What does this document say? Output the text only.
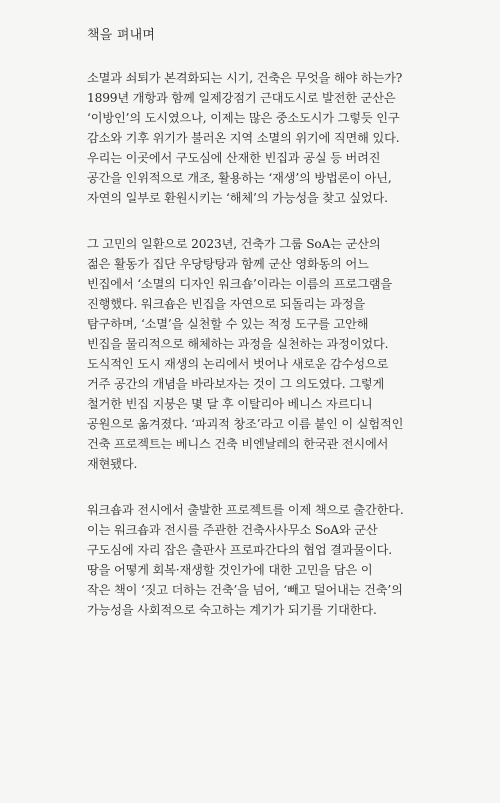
책을 펴내며
소멸과 쇠퇴가 본격화되는 시기, 건축은 무엇을 해야 하는가?
1899년 개항과 함께 일제강점기 근대도시로 발전한 군산은
‘이방인’의 도시였으나, 이제는 많은 중소도시가 그렇듯 인구
감소와 기후 위기가 불러온 지역 소멸의 위기에 직면해 있다.
우리는 이곳에서 구도심에 산재한 빈집과 공실 등 버려진
공간을 인위적으로 개조, 활용하는 ‘재생’의 방법론이 아닌,
자연의 일부로 환원시키는 ‘해체’의 가능성을 찾고 싶었다.
그 고민의 일환으로 2023년, 건축가 그룹 SoA는 군산의
젊은 활동가 집단 우당탕탕과 함께 군산 영화동의 어느
빈집에서 ‘소멸의 디자인 워크숍’이라는 이름의 프로그램을
진행했다. 워크숍은 빈집을 자연으로 되돌리는 과정을
탐구하며, ‘소멸’을 실천할 수 있는 적정 도구를 고안해
빈집을 물리적으로 해체하는 과정을 실천하는 과정이었다.
도식적인 도시 재생의 논리에서 벗어나 새로운 감수성으로
거주 공간의 개념을 바라보자는 것이 그 의도였다. 그렇게
철거한 빈집 지붕은 몇 달 후 이탈리아 베니스 자르디니
공원으로 옮겨졌다. ‘파괴적 창조’라고 이름 붙인 이 실험적인
건축 프로젝트는 베니스 건축 비엔날레의 한국관 전시에서
재현됐다.
워크숍과 전시에서 출발한 프로젝트를 이제 책으로 출간한다.
이는 워크숍과 전시를 주관한 건축사사무소 SoA와 군산
구도심에 자리 잡은 출판사 프로파간다의 협업 결과물이다.
땅을 어떻게 회복·재생할 것인가에 대한 고민을 담은 이
작은 책이 ‘짓고 더하는 건축’을 넘어, ‘빼고 덜어내는 건축’의
가능성을 사회적으로 숙고하는 계기가 되기를 기대한다.
